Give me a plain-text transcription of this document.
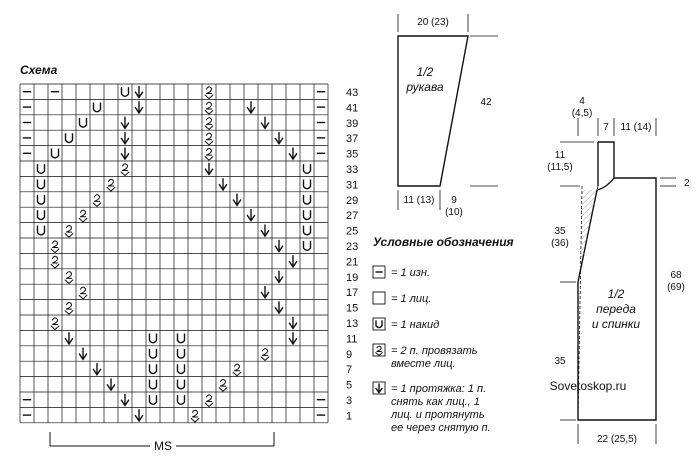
Схема
43
41
39
37
35
33
31
29
27
25
23
21
19
17
15
13
11
9
7
5
3
1
MS
20 (23)
1/2
рукава
42
11 (13) 9
(10)
4
(4,5)
7 11 (14)
11
(11,5)
2
35
(36)
68
(69)
1/2
переда
и спинки
35
22 (25,5)
Sovetoskop.ru
Условные обозначения
= 1 изн.
= 1 лиц.
= 1 накид
= 2 п. провязать
вместе лиц.
= 1 протяжка: 1 п.
снять как лиц., 1
лиц. и протянуть
ее через снятую п.
